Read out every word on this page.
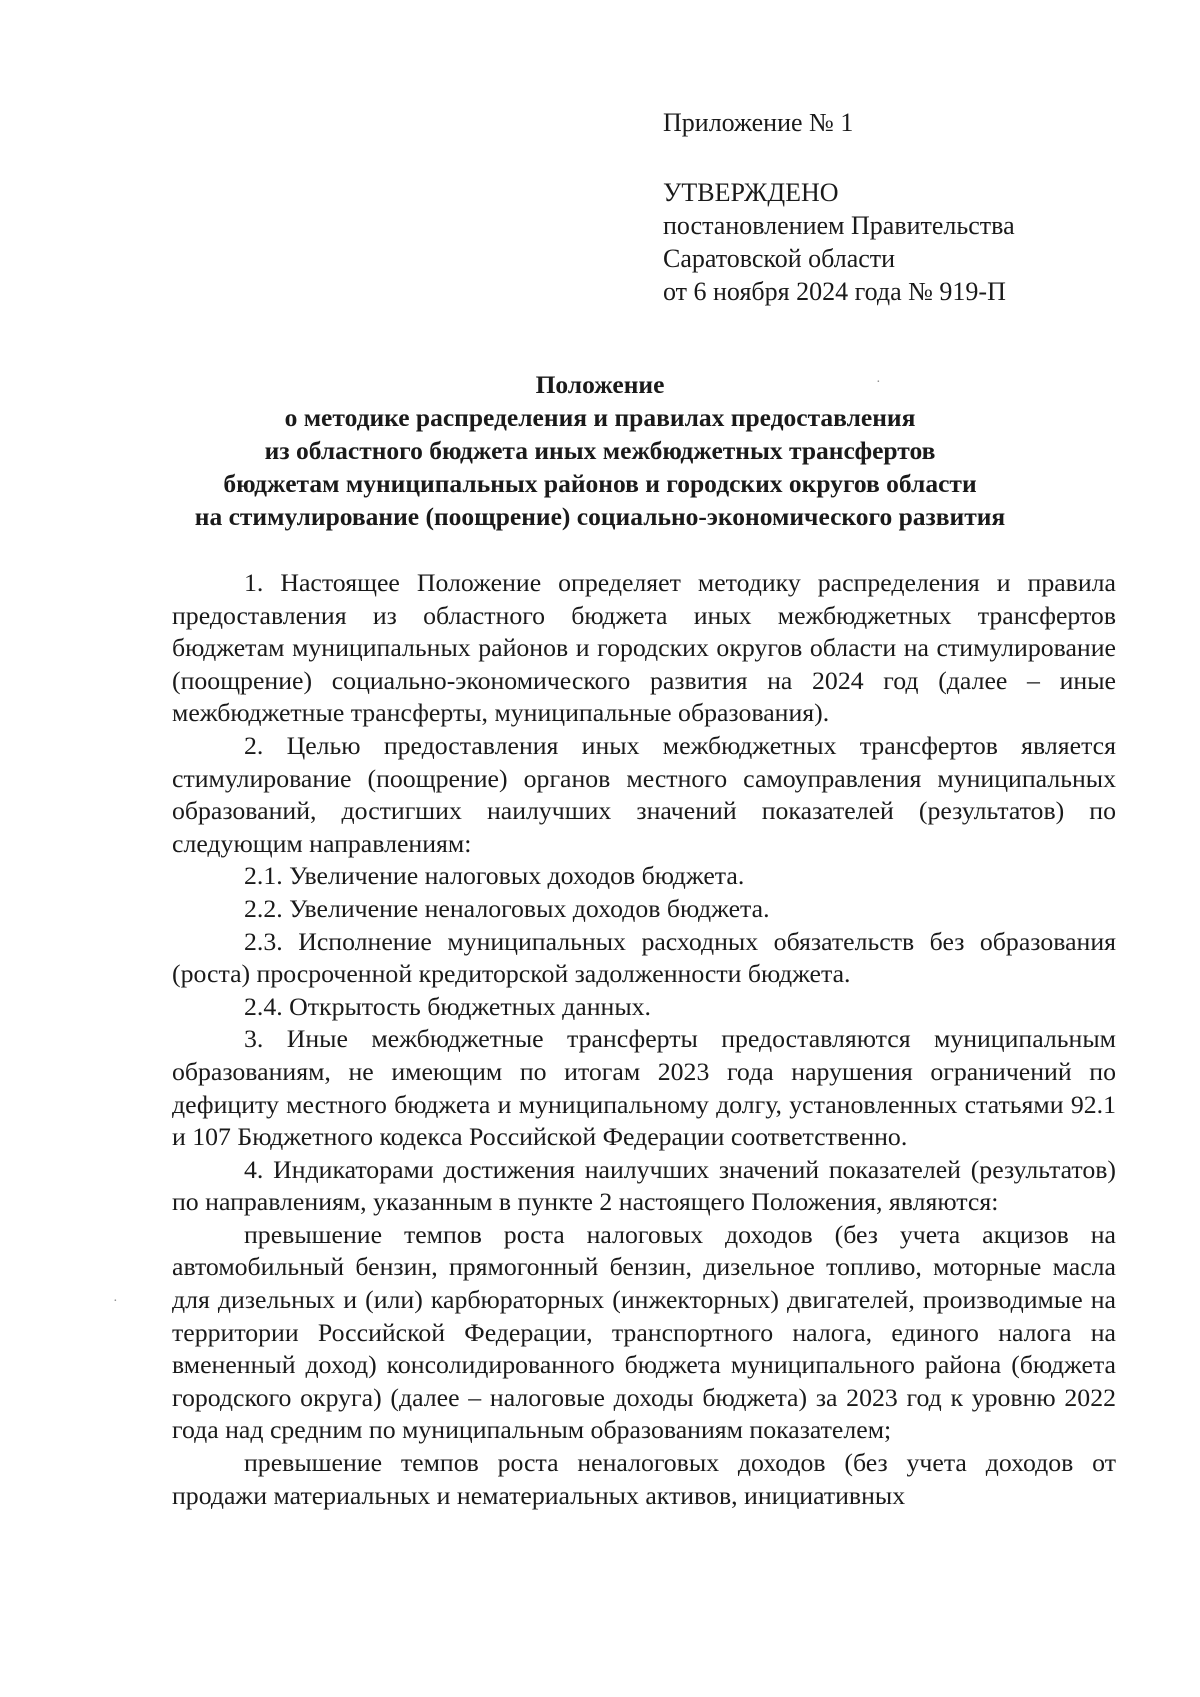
Приложение № 1
УТВЕРЖДЕНО
постановлением Правительства
Саратовской области
от 6 ноября 2024 года № 919-П
Положение
о методике распределения и правилах предоставления
из областного бюджета иных межбюджетных трансфертов
бюджетам муниципальных районов и городских округов области
на стимулирование (поощрение) социально-экономического развития

1. Настоящее Положение определяет методику распределения и правила предоставления из областного бюджета иных межбюджетных трансфертов бюджетам муниципальных районов и городских округов области на стимулирование (поощрение) социально-экономического развития на 2024 год (далее – иные межбюджетные трансферты, муниципальные образования).

2. Целью предоставления иных межбюджетных трансфертов является стимулирование (поощрение) органов местного самоуправления муниципальных образований, достигших наилучших значений показателей (результатов) по следующим направлениям:

2.1. Увеличение налоговых доходов бюджета.

2.2. Увеличение неналоговых доходов бюджета.

2.3. Исполнение муниципальных расходных обязательств без образования (роста) просроченной кредиторской задолженности бюджета.

2.4. Открытость бюджетных данных.

3. Иные межбюджетные трансферты предоставляются муниципальным образованиям, не имеющим по итогам 2023 года нарушения ограничений по дефициту местного бюджета и муниципальному долгу, установленных статьями 92.1 и 107 Бюджетного кодекса Российской Федерации соответственно.

4. Индикаторами достижения наилучших значений показателей (результатов) по направлениям, указанным в пункте 2 настоящего Положения, являются:

превышение темпов роста налоговых доходов (без учета акцизов на автомобильный бензин, прямогонный бензин, дизельное топливо, моторные масла для дизельных и (или) карбюраторных (инжекторных) двигателей, производимые на территории Российской Федерации, транспортного налога, единого налога на вмененный доход) консолидированного бюджета муниципального района (бюджета городского округа) (далее – налоговые доходы бюджета) за 2023 год к уровню 2022 года над средним по муниципальным образованиям показателем;

превышение темпов роста неналоговых доходов (без учета доходов от продажи материальных и нематериальных активов, инициативных

·
·
